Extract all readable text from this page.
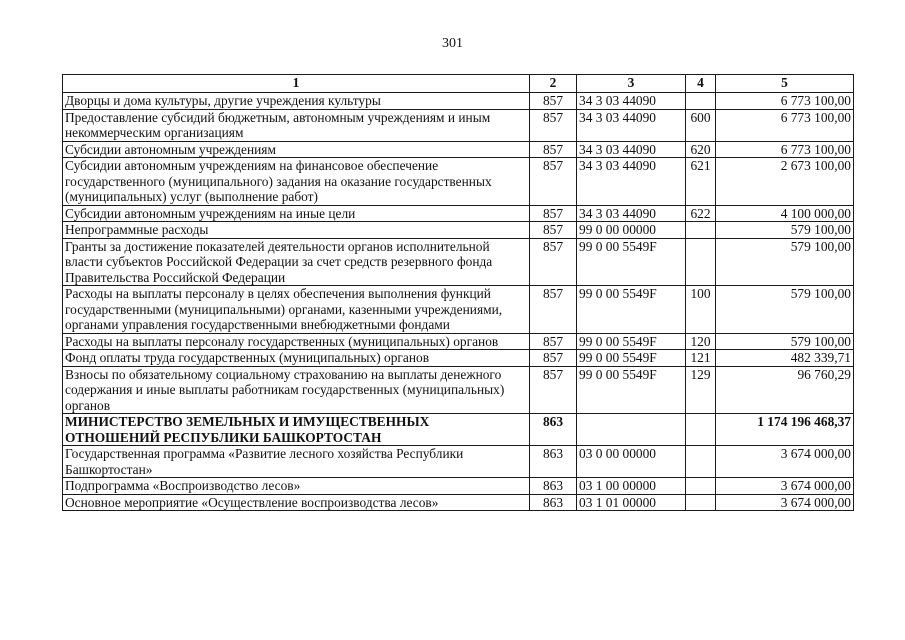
301
1	2	3	4	5
Дворцы и дома культуры, другие учреждения культуры	857	34 3 03 44090		6 773 100,00
Предоставление субсидий бюджетным, автономным учреждениям и иным некоммерческим организациям	857	34 3 03 44090	600	6 773 100,00
Субсидии автономным учреждениям	857	34 3 03 44090	620	6 773 100,00
Субсидии автономным учреждениям на финансовое обеспечение государственного (муниципального) задания на оказание государственных (муниципальных) услуг (выполнение работ)	857	34 3 03 44090	621	2 673 100,00
Субсидии автономным учреждениям на иные цели	857	34 3 03 44090	622	4 100 000,00
Непрограммные расходы	857	99 0 00 00000		579 100,00
Гранты за достижение показателей деятельности органов исполнительной власти субъектов Российской Федерации за счет средств резервного фонда Правительства Российской Федерации	857	99 0 00 5549F		579 100,00
Расходы на выплаты персоналу в целях обеспечения выполнения функций государственными (муниципальными) органами, казенными учреждениями, органами управления государственными внебюджетными фондами	857	99 0 00 5549F	100	579 100,00
Расходы на выплаты персоналу государственных (муниципальных) органов	857	99 0 00 5549F	120	579 100,00
Фонд оплаты труда государственных (муниципальных) органов	857	99 0 00 5549F	121	482 339,71
Взносы по обязательному социальному страхованию на выплаты денежного содержания и иные выплаты работникам государственных (муниципальных) органов	857	99 0 00 5549F	129	96 760,29
МИНИСТЕРСТВО ЗЕМЕЛЬНЫХ И ИМУЩЕСТВЕННЫХ ОТНОШЕНИЙ РЕСПУБЛИКИ БАШКОРТОСТАН	863			1 174 196 468,37
Государственная программа «Развитие лесного хозяйства Республики Башкортостан»	863	03 0 00 00000		3 674 000,00
Подпрограмма «Воспроизводство лесов»	863	03 1 00 00000		3 674 000,00
Основное мероприятие «Осуществление воспроизводства лесов»	863	03 1 01 00000		3 674 000,00
